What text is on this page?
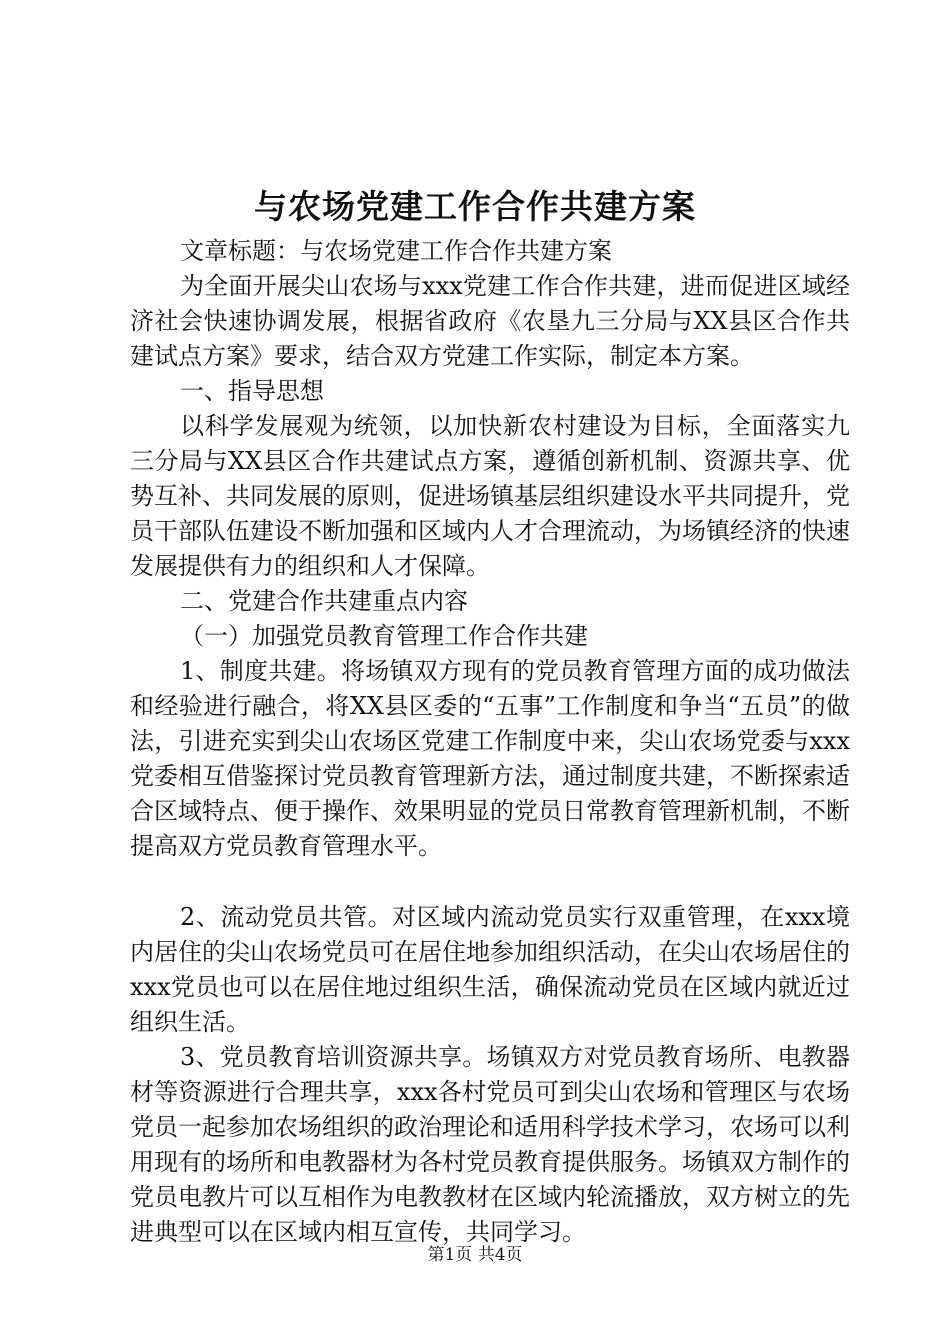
与农场党建工作合作共建方案

文章标题：与农场党建工作合作共建方案

为全面开展尖山农场与xxx党建工作合作共建，进而促进区域经济社会快速协调发展，根据省政府《农垦九三分局与XX县区合作共建试点方案》要求，结合双方党建工作实际，制定本方案。

一、指导思想

以科学发展观为统领，以加快新农村建设为目标，全面落实九三分局与XX县区合作共建试点方案，遵循创新机制、资源共享、优势互补、共同发展的原则，促进场镇基层组织建设水平共同提升，党员干部队伍建设不断加强和区域内人才合理流动，为场镇经济的快速发展提供有力的组织和人才保障。

二、党建合作共建重点内容

（一）加强党员教育管理工作合作共建

1、制度共建。将场镇双方现有的党员教育管理方面的成功做法和经验进行融合，将XX县区委的“五事”工作制度和争当“五员”的做法，引进充实到尖山农场区党建工作制度中来，尖山农场党委与xxx党委相互借鉴探讨党员教育管理新方法，通过制度共建，不断探索适合区域特点、便于操作、效果明显的党员日常教育管理新机制，不断提高双方党员教育管理水平。

2、流动党员共管。对区域内流动党员实行双重管理，在xxx境内居住的尖山农场党员可在居住地参加组织活动，在尖山农场居住的xxx党员也可以在居住地过组织生活，确保流动党员在区域内就近过组织生活。

3、党员教育培训资源共享。场镇双方对党员教育场所、电教器材等资源进行合理共享，xxx各村党员可到尖山农场和管理区与农场党员一起参加农场组织的政治理论和适用科学技术学习，农场可以利用现有的场所和电教器材为各村党员教育提供服务。场镇双方制作的党员电教片可以互相作为电教教材在区域内轮流播放，双方树立的先进典型可以在区域内相互宣传，共同学习。

第1页 共4页
